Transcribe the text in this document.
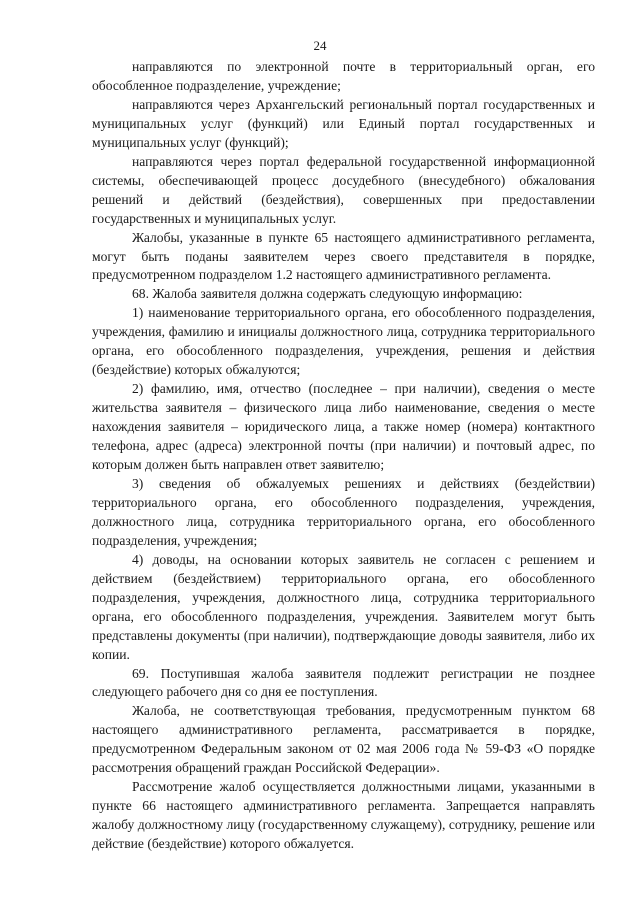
24

направляются по электронной почте в территориальный орган, его обособленное подразделение, учреждение;

направляются через Архангельский региональный портал государственных и муниципальных услуг (функций) или Единый портал государственных и муниципальных услуг (функций);

направляются через портал федеральной государственной информационной системы, обеспечивающей процесс досудебного (внесудебного) обжалования решений и действий (бездействия), совершенных при предоставлении государственных и муниципальных услуг.

Жалобы, указанные в пункте 65 настоящего административного регламента, могут быть поданы заявителем через своего представителя в порядке, предусмотренном подразделом 1.2 настоящего административного регламента.

68. Жалоба заявителя должна содержать следующую информацию:

1) наименование территориального органа, его обособленного подразделения, учреждения, фамилию и инициалы должностного лица, сотрудника территориального органа, его обособленного подразделения, учреждения, решения и действия (бездействие) которых обжалуются;

2) фамилию, имя, отчество (последнее – при наличии), сведения о месте жительства заявителя – физического лица либо наименование, сведения о месте нахождения заявителя – юридического лица, а также номер (номера) контактного телефона, адрес (адреса) электронной почты (при наличии) и почтовый адрес, по которым должен быть направлен ответ заявителю;

3) сведения об обжалуемых решениях и действиях (бездействии) территориального органа, его обособленного подразделения, учреждения, должностного лица, сотрудника территориального органа, его обособленного подразделения, учреждения;

4) доводы, на основании которых заявитель не согласен с решением и действием (бездействием) территориального органа, его обособленного подразделения, учреждения, должностного лица, сотрудника территориального органа, его обособленного подразделения, учреждения. Заявителем могут быть представлены документы (при наличии), подтверждающие доводы заявителя, либо их копии.

69. Поступившая жалоба заявителя подлежит регистрации не позднее следующего рабочего дня со дня ее поступления.

Жалоба, не соответствующая требования, предусмотренным пунктом 68 настоящего административного регламента, рассматривается в порядке, предусмотренном Федеральным законом от 02 мая 2006 года № 59-ФЗ «О порядке рассмотрения обращений граждан Российской Федерации».

Рассмотрение жалоб осуществляется должностными лицами, указанными в пункте 66 настоящего административного регламента. Запрещается направлять жалобу должностному лицу (государственному служащему), сотруднику, решение или действие (бездействие) которого обжалуется.
